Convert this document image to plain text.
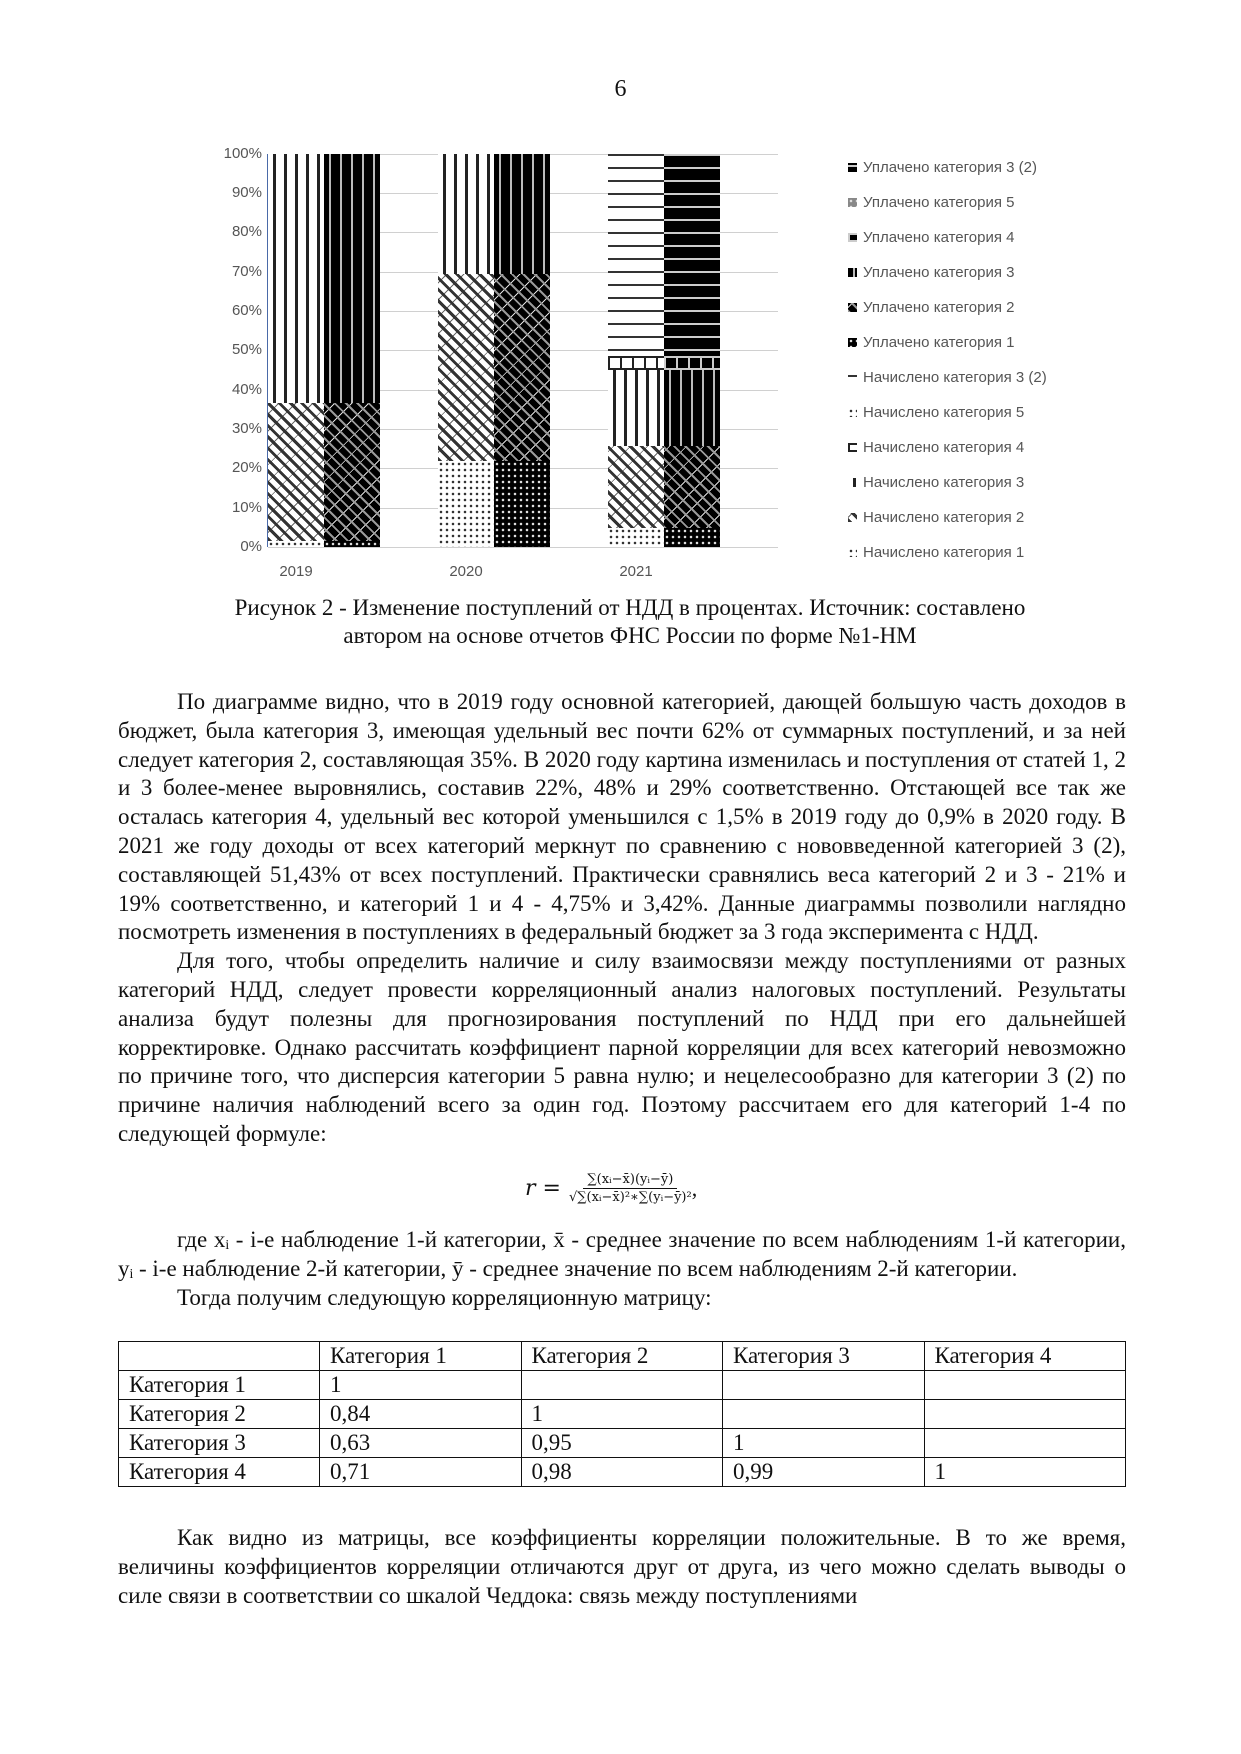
6
100%
90%
80%
70%
60%
50%
40%
30%
20%
10%
0%
2019	2020	2021
Уплачено категория 3 (2)
Уплачено категория 5
Уплачено категория 4
Уплачено категория 3
Уплачено категория 2
Уплачено категория 1
Начислено категория 3 (2)
Начислено категория 5
Начислено категория 4
Начислено категория 3
Начислено категория 2
Начислено категория 1
Рисунок 2 - Изменение поступлений от НДД в процентах. Источник: составлено
автором на основе отчетов ФНС России по форме №1-НМ

По диаграмме видно, что в 2019 году основной категорией, дающей большую часть доходов в бюджет, была категория 3, имеющая удельный вес почти 62% от суммарных поступлений, и за ней следует категория 2, составляющая 35%. В 2020 году картина изменилась и поступления от статей 1, 2 и 3 более-менее выровнялись, составив 22%, 48% и 29% соответственно. Отстающей все так же осталась категория 4, удельный вес которой уменьшился с 1,5% в 2019 году до 0,9% в 2020 году. В 2021 же году доходы от всех категорий меркнут по сравнению с нововведенной категорией 3 (2), составляющей 51,43% от всех поступлений. Практически сравнялись веса категорий 2 и 3 - 21% и 19% соответственно, и категорий 1 и 4 - 4,75% и 3,42%. Данные диаграммы позволили наглядно посмотреть изменения в поступлениях в федеральный бюджет за 3 года эксперимента с НДД.

Для того, чтобы определить наличие и силу взаимосвязи между поступлениями от разных категорий НДД, следует провести корреляционный анализ налоговых поступлений. Результаты анализа будут полезны для прогнозирования поступлений по НДД при его дальнейшей корректировке. Однако рассчитать коэффициент парной корреляции для всех категорий невозможно по причине того, что дисперсия категории 5 равна нулю; и нецелесообразно для категории 3 (2) по причине наличия наблюдений всего за один год. Поэтому рассчитаем его для категорий 1-4 по следующей формуле:

$r = \frac{\text{∑(xᵢ−x̄)(yᵢ−ȳ)}}{\text{√∑(xᵢ−x̄)²∗∑(yᵢ−ȳ)²}}$ ,

где xᵢ - i-е наблюдение 1-й категории, x̄ - среднее значение по всем наблюдениям 1-й категории, yᵢ - i-е наблюдение 2-й категории, ȳ - среднее значение по всем наблюдениям 2-й категории.

Тогда получим следующую корреляционную матрицу:

	Категория 1	Категория 2	Категория 3	Категория 4
Категория 1	1			
Категория 2	0,84	1		
Категория 3	0,63	0,95	1	
Категория 4	0,71	0,98	0,99	1

Как видно из матрицы, все коэффициенты корреляции положительные. В то же время, величины коэффициентов корреляции отличаются друг от друга, из чего можно сделать выводы о силе связи в соответствии со шкалой Чеддока: связь между поступлениями
